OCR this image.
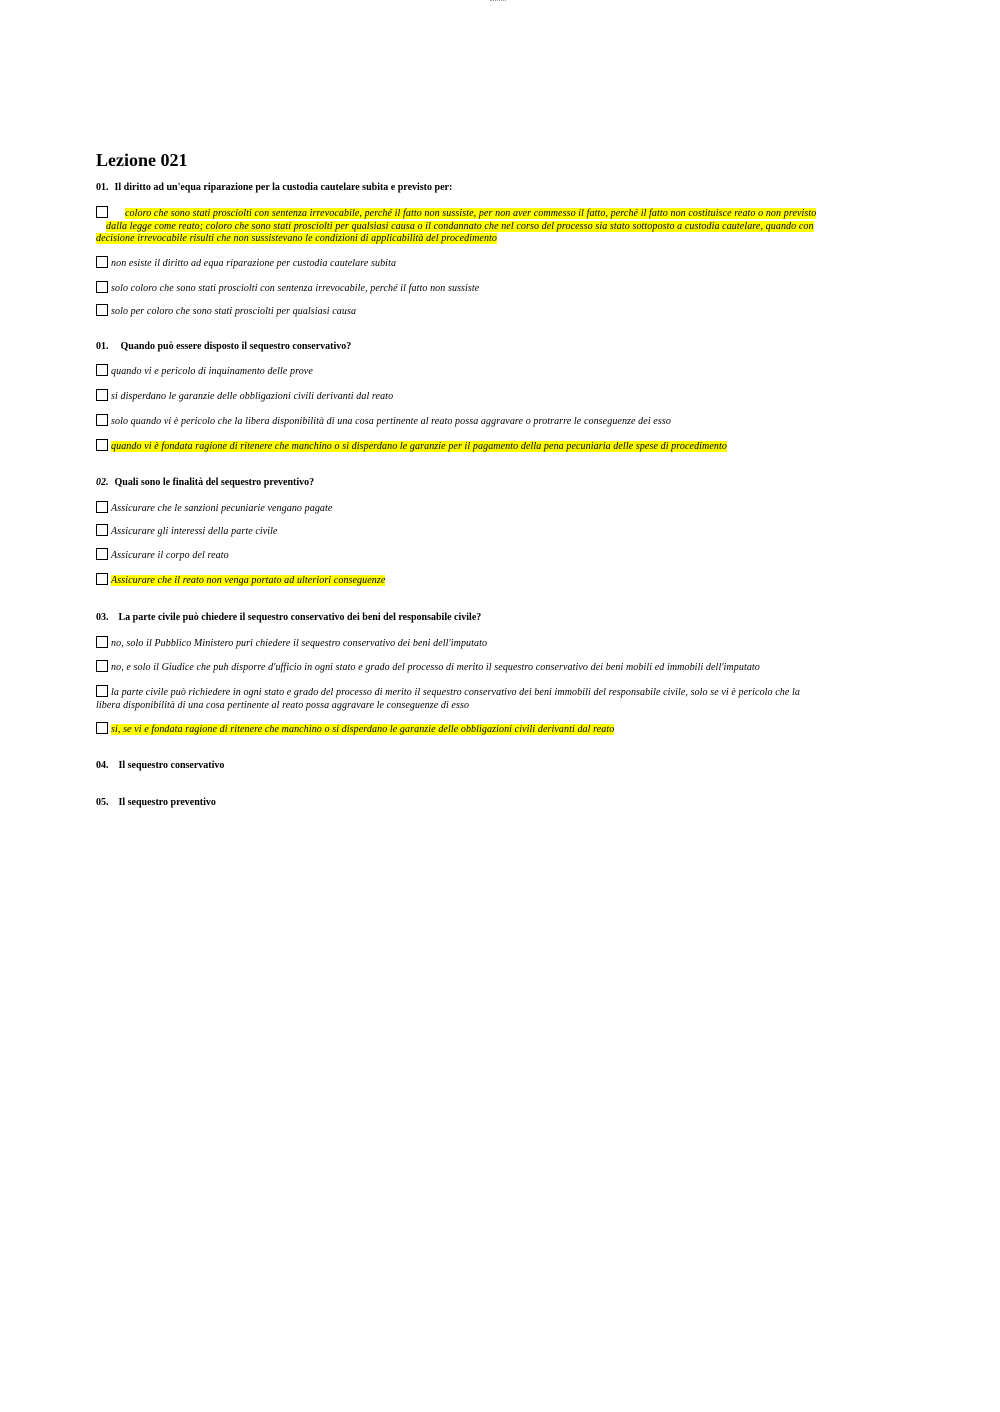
Lezione 021
01. Il diritto ad un'equa riparazione per la custodia cautelare subita e previsto per:
coloro che sono stati prosciolti con sentenza irrevocabile, perché il fatto non sussiste, per non aver commesso il fatto, perché il fatto non costituisce reato o non previsto
dalla legge come reato; coloro che sono stati prosciolti per qualsiasi causa o il condannato che nel corso del processo sia stato sottoposto a custodia cautelare, quando con
decisione irrevocabile risulti che non sussistevano le condizioni di applicabilità del procedimento
non esiste il diritto ad equa riparazione per custodia cautelare subita
solo coloro che sono stati prosciolti con sentenza irrevocabile, perché il fatto non sussiste
solo per coloro che sono stati prosciolti per qualsiasi causa
01. Quando può essere disposto il sequestro conservativo?
quando vi e pericolo di inquinamento delle prove
si disperdano le garanzie delle obbligazioni civili derivanti dal reato
solo quando vi è pericolo che la libera disponibilità di una cosa pertinente al reato possa aggravare o protrarre le conseguenze dei esso
quando vi è fondata ragione di ritenere che manchino o si disperdano le garanzie per il pagamento della pena pecuniaria delle spese di procedimento
02. Quali sono le finalità del sequestro preventivo?
Assicurare che le sanzioni pecuniarie vengano pagate
Assicurare gli interessi della parte civile
Assicurare il corpo del reato
Assicurare che il reato non venga portato ad ulteriori conseguenze
03. La parte civile può chiedere il sequestro conservativo dei beni del responsabile civile?
no, solo il Pubblico Ministero puri chiedere il sequestro conservativo dei beni dell'imputato
no, e solo il Giudice che puh disporre d'ufficio in ogni stato e grado del processo di merito il sequestro conservativo dei beni mobili ed immobili dell'imputato
la parte civile può richiedere in ogni stato e grado del processo di merito il sequestro conservativo dei beni immobili del responsabile civile, solo se vi è pericolo che la
libera disponibilità di una cosa pertinente al reato possa aggravare le conseguenze di esso
si, se vi e fondata ragione di ritenere che manchino o si disperdano le garanzie delle obbligazioni civili derivanti dal reato
04. Il sequestro conservativo
05. Il sequestro preventivo
